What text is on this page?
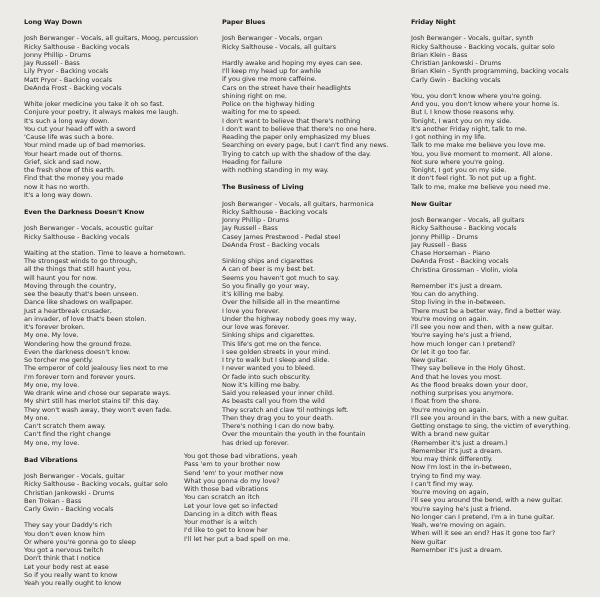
Long Way Down
Josh Berwanger - Vocals, all guitars, Moog, percussion
Ricky Salthouse - Backing vocals
Jonny Phillip - Drums
Jay Russell - Bass
Lily Pryor - Backing vocals
Matt Pryor - Backing vocals
DeAnda Frost - Backing vocals
White joker medicine you take it oh so fast.
Conjure your poetry, it always makes me laugh.
It's such a long way down.
You cut your head off with a sword
'Cause life was such a bore.
Your mind made up of bad memories.
Your heart made out of thorns.
Grief, sick and sad now,
the fresh show of this earth.
Find that the money you made
now it has no worth.
It's a long way down.
Even the Darkness Doesn't Know
Josh Berwanger - Vocals, acoustic guitar
Ricky Salthouse - Backing vocals
Waiting at the station. Time to leave a hometown.
The strongest winds to go through,
all the things that still haunt you,
will haunt you for now.
Moving through the country,
see the beauty that's been unseen.
Dance like shadows on wallpaper.
Just a heartbreak crusader,
an invader, of love that's been stolen.
It's forever broken.
My one. My love.
Wondering how the ground froze.
Even the darkness doesn't know.
So torcher me gently.
The emperor of cold jealousy lies next to me
I'm forever torn and forever yours.
My one, my love.
We drank wine and chose our separate ways.
My shirt still has merlot stains til' this day.
They won't wash away, they won't even fade.
My one.
Can't scratch them away.
Can't find the right change
My one, my love.
Bad Vibrations
Josh Berwanger - Vocals, guitar
Ricky Salthouse - Backing vocals, guitar solo
Christian Jankowski - Drums
Ben Trokan - Bass
Carly Gwin - Backing vocals
They say your Daddy's rich
You don't even know him
Or where you're gonna go to sleep
You got a nervous twitch
Don't think that I notice
Let your body rest at ease
So if you really want to know
Yeah you really ought to know
Paper Blues
Josh Berwanger - Vocals, organ
Ricky Salthouse - Vocals, all guitars
Hardly awake and hoping my eyes can see.
I'll keep my head up for awhile
if you give me more caffeine.
Cars on the street have their headlights
shining right on me.
Police on the highway hiding
waiting for me to speed.
I don't want to believe that there's nothing
I don't want to believe that there's no one here.
Reading the paper only emphasized my blues
Searching on every page, but I can't find any news.
Trying to catch up with the shadow of the day.
Heading for failure
with nothing standing in my way.
The Business of Living
Josh Berwanger - Vocals, all guitars, harmonica
Ricky Salthouse - Backing vocals
Jonny Phillip - Drums
Jay Russell - Bass
Casey James Prestwood - Pedal steel
DeAnda Frost - Backing vocals
Sinking ships and cigarettes
A can of beer is my best bet.
Seems you haven't got much to say.
So you finally go your way,
it's killing me baby.
Over the hillside all in the meantime
I love you forever.
Under the highway nobody goes my way,
our love was forever.
Sinking ships and cigarettes.
This life's got me on the fence.
I see golden streets in your mind.
I try to walk but I sleep and slide.
I never wanted you to bleed.
Or fade into such obscurity.
Now it's killing me baby.
Said you released your inner child.
As beasts call you from the wild
They scratch and claw 'til nothings left.
Then they drag you to your death.
There's nothing I can do now baby.
Over the mountain the youth in the fountain
has dried up forever.
Friday Night
Josh Berwanger - Vocals, guitar, synth
Ricky Salthouse - Backing vocals, guitar solo
Brian Klein - Bass
Christian Jankowski - Drums
Brian Klein - Synth programming, backing vocals
Carly Gwin - Backing vocals
You, you don't know where you're going.
And you, you don't know where your home is.
But I, I know those reasons why.
Tonight, I want you on my side.
It's another Friday night, talk to me.
I got nothing in my life.
Talk to me make me believe you love me.
You, you live moment to moment. All alone.
Not sure where you're going.
Tonight, I got you on my side.
It don't feel right. To not put up a fight.
Talk to me, make me believe you need me.
New Guitar
Josh Berwanger - Vocals, all guitars
Ricky Salthouse - Backing vocals
Jonny Phillip - Drums
Jay Russell - Bass
Chase Horseman - Piano
DeAnda Frost - Backing vocals
Christina Grossman - Violin, viola
Remember it's just a dream.
You can do anything.
Stop living in the in-between.
There must be a better way, find a better way.
You're moving on again.
i'll see you now and then, with a new guitar.
You're saying he's just a friend,
how much longer can I pretend?
Or let it go too far.
New guitar.
They say believe in the Holy Ghost.
And that he loves you most.
As the flood breaks down your door,
nothing surprises you anymore.
I float from the shore.
You're moving on again.
I'll see you around in the bars, with a new guitar.
Getting onstage to sing, the victim of everything.
With a brand new guitar
(Remember it's just a dream.)
Remember it's just a dream.
You may think differently.
Now I'm lost in the in-between,
trying to find my way.
I can't find my way.
You're moving on again,
i'll see you around the bend, with a new guitar.
You're saying he's just a friend.
No longer can I pretend, I'm a in tune guitar.
Yeah, we're moving on again.
When will it see an end? Has it gone too far?
New guitar
Remember it's just a dream.
You got those bad vibrations, yeah
Pass 'em to your brother now
Send 'em' to your mother now
What you gonna do my love?
With those bad vibrations
You can scratch an itch
Let your love get so infected
Dancing in a ditch with fleas
Your mother is a witch
I'd like to get to know her
I'll let her put a bad spell on me.
